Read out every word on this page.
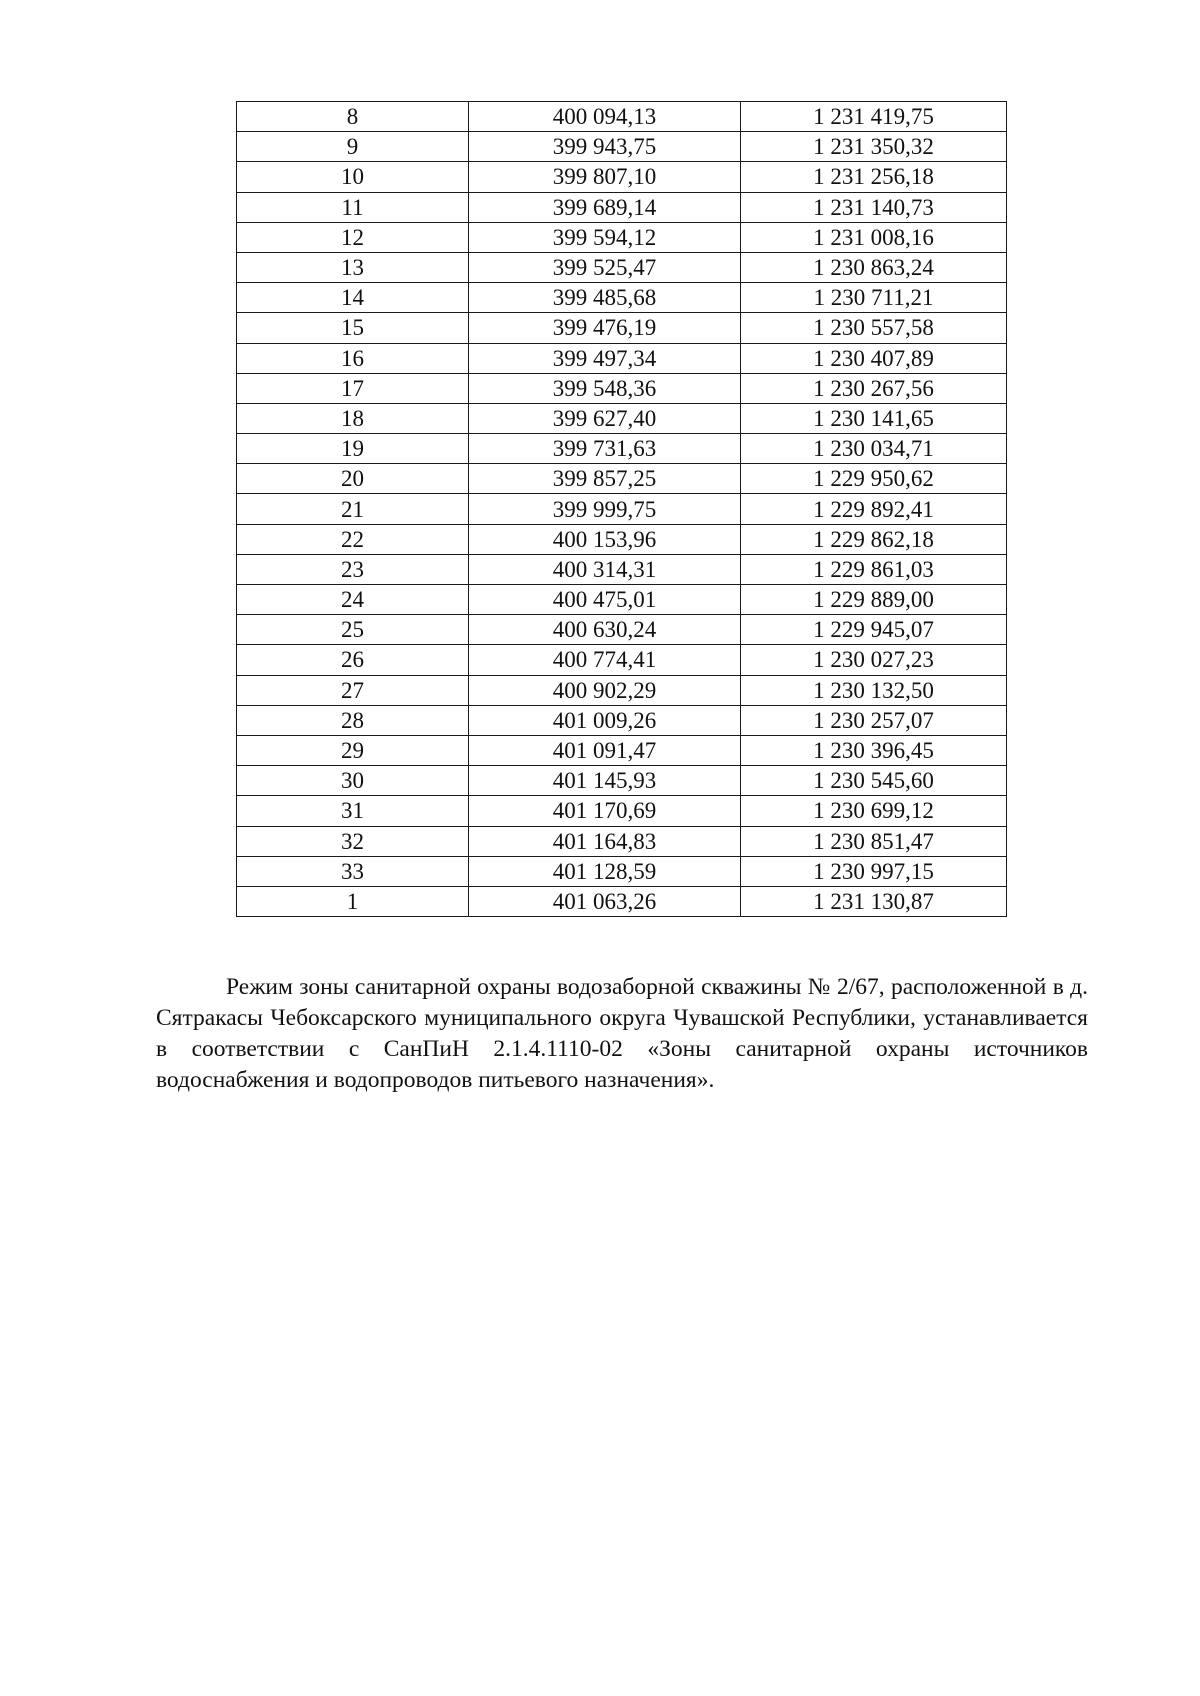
8	400 094,13	1 231 419,75
9	399 943,75	1 231 350,32
10	399 807,10	1 231 256,18
11	399 689,14	1 231 140,73
12	399 594,12	1 231 008,16
13	399 525,47	1 230 863,24
14	399 485,68	1 230 711,21
15	399 476,19	1 230 557,58
16	399 497,34	1 230 407,89
17	399 548,36	1 230 267,56
18	399 627,40	1 230 141,65
19	399 731,63	1 230 034,71
20	399 857,25	1 229 950,62
21	399 999,75	1 229 892,41
22	400 153,96	1 229 862,18
23	400 314,31	1 229 861,03
24	400 475,01	1 229 889,00
25	400 630,24	1 229 945,07
26	400 774,41	1 230 027,23
27	400 902,29	1 230 132,50
28	401 009,26	1 230 257,07
29	401 091,47	1 230 396,45
30	401 145,93	1 230 545,60
31	401 170,69	1 230 699,12
32	401 164,83	1 230 851,47
33	401 128,59	1 230 997,15
1	401 063,26	1 231 130,87

Режим зоны санитарной охраны водозаборной скважины № 2/67, расположенной в д. Сятракасы Чебоксарского муниципального округа Чувашской Республики, устанавливается в соответствии с СанПиН 2.1.4.1110-02 «Зоны санитарной охраны источников водоснабжения и водопроводов питьевого назначения».
